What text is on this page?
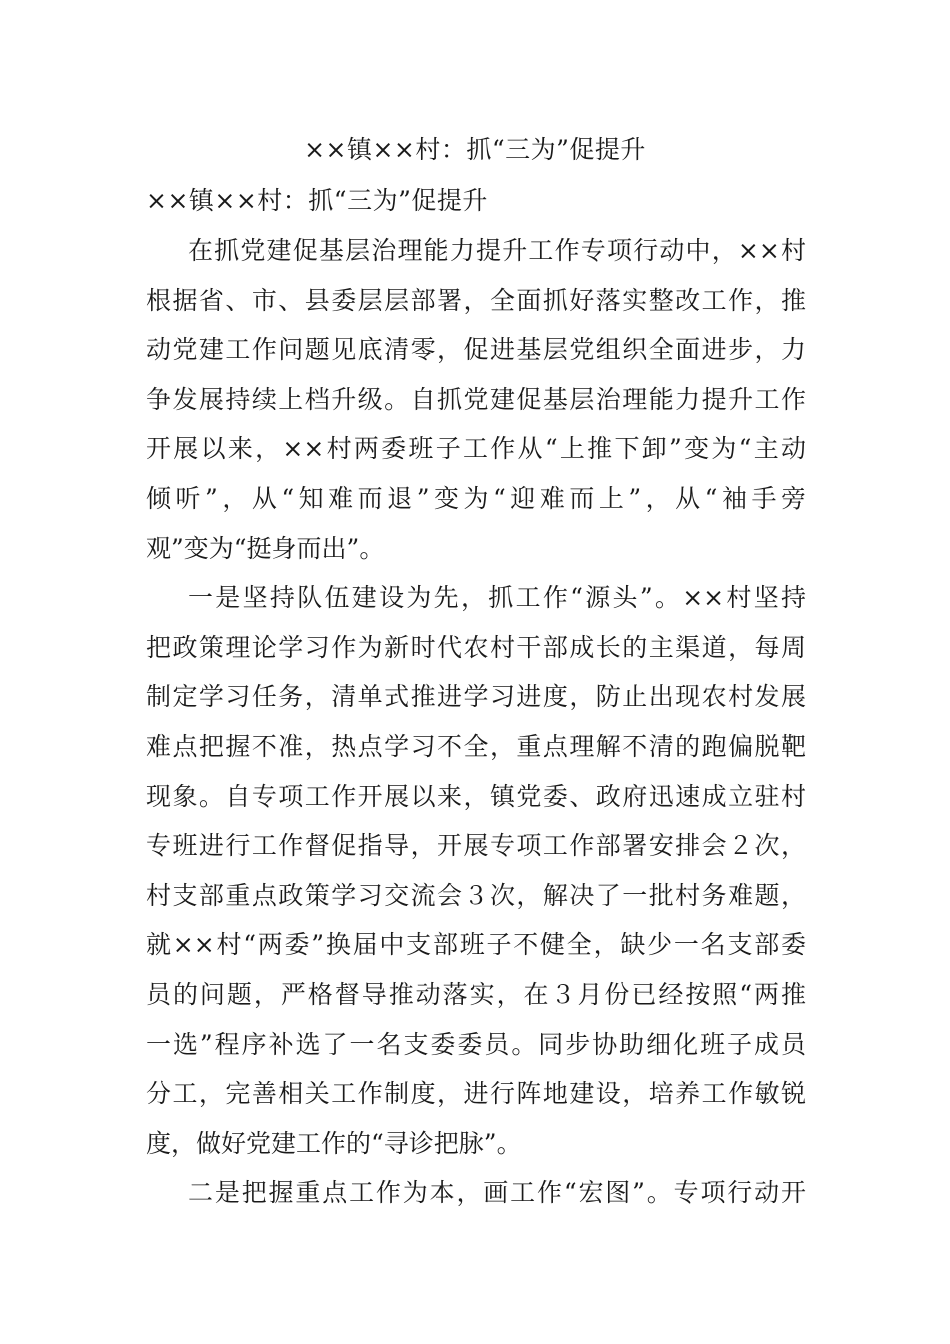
××镇××村：抓“三为”促提升
××镇××村：抓“三为”促提升
在抓党建促基层治理能力提升工作专项行动中，××村
根据省、市、县委层层部署，全面抓好落实整改工作，推
动党建工作问题见底清零，促进基层党组织全面进步，力
争发展持续上档升级。自抓党建促基层治理能力提升工作
开展以来，××村两委班子工作从“上推下卸”变为“主动
倾听”，从“知难而退”变为“迎难而上”，从“袖手旁
观”变为“挺身而出”。
一是坚持队伍建设为先，抓工作“源头”。××村坚持
把政策理论学习作为新时代农村干部成长的主渠道，每周
制定学习任务，清单式推进学习进度，防止出现农村发展
难点把握不准，热点学习不全，重点理解不清的跑偏脱靶
现象。自专项工作开展以来，镇党委、政府迅速成立驻村
专班进行工作督促指导，开展专项工作部署安排会２次，
村支部重点政策学习交流会３次，解决了一批村务难题，
就××村“两委”换届中支部班子不健全，缺少一名支部委
员的问题，严格督导推动落实，在３月份已经按照“两推
一选”程序补选了一名支委委员。同步协助细化班子成员
分工，完善相关工作制度，进行阵地建设，培养工作敏锐
度，做好党建工作的“寻诊把脉”。
二是把握重点工作为本，画工作“宏图”。专项行动开
